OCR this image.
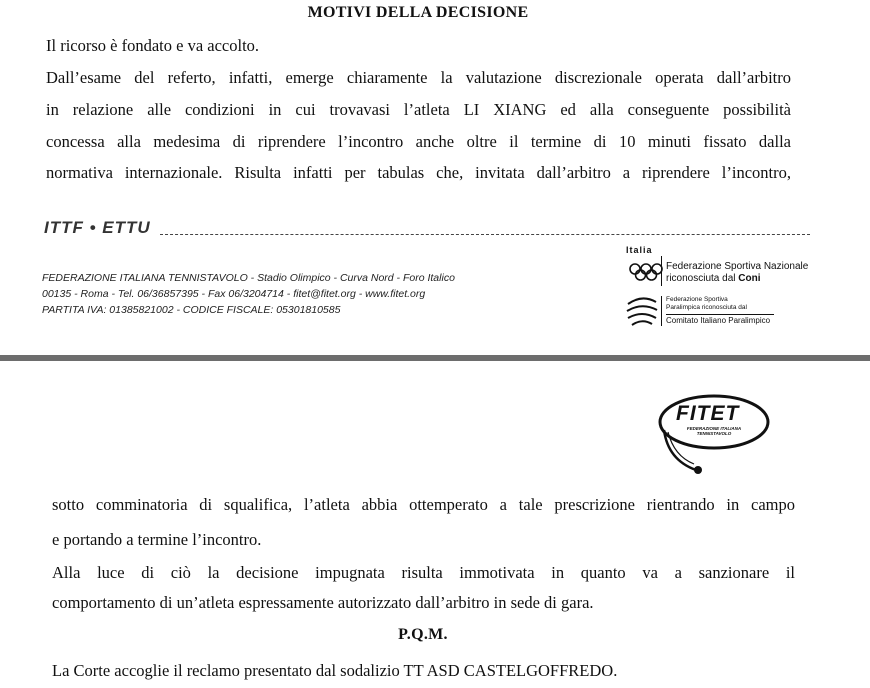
MOTIVI DELLA DECISIONE
Il ricorso è fondato e va accolto.
Dall’esame del referto, infatti, emerge chiaramente la valutazione discrezionale operata dall’arbitro
in relazione alle condizioni in cui trovavasi l’atleta LI XIANG ed alla conseguente possibilità
concessa alla medesima di riprendere l’incontro anche oltre il termine di 10 minuti fissato dalla
normativa internazionale. Risulta infatti per tabulas che, invitata dall’arbitro a riprendere l’incontro,
ITTF • ETTU
FEDERAZIONE ITALIANA TENNISTAVOLO - Stadio Olimpico - Curva Nord - Foro Italico
00135 - Roma - Tel. 06/36857395 - Fax 06/3204714 - fitet@fitet.org - www.fitet.org
PARTITA IVA: 01385821002 - CODICE FISCALE: 05301810585
Italia
Federazione Sportiva Nazionale
riconosciuta dal Coni
Federazione Sportiva
Paralimpica riconosciuta dal
Comitato Italiano Paralimpico
FITET
FEDERAZIONE ITALIANA TENNISTAVOLO
sotto comminatoria di squalifica, l’atleta abbia ottemperato a tale prescrizione rientrando in campo
e portando a termine l’incontro.
Alla luce di ciò la decisione impugnata risulta immotivata in quanto va a sanzionare il
comportamento di un’atleta espressamente autorizzato dall’arbitro in sede di gara.
P.Q.M.
La Corte accoglie il reclamo presentato dal sodalizio TT ASD CASTELGOFFREDO.
